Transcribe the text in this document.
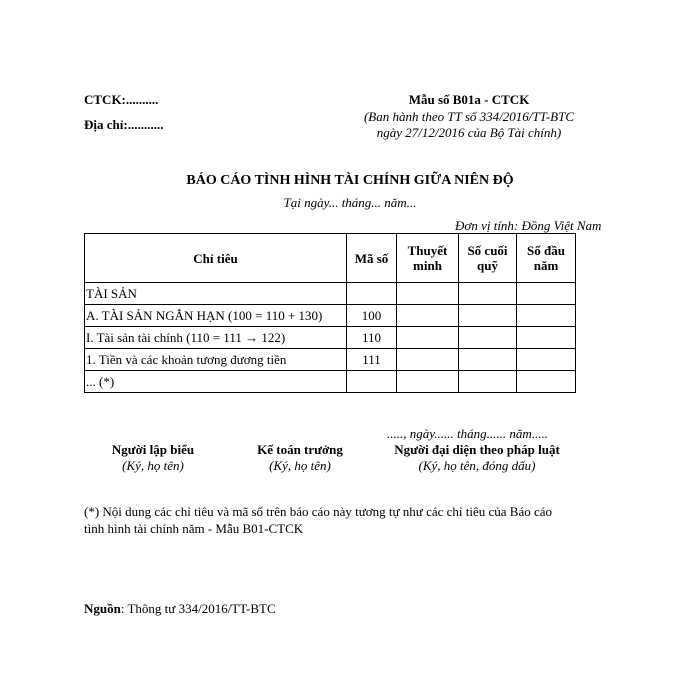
CTCK:..........
Địa chỉ:...........
Mẫu số B01a - CTCK
(Ban hành theo TT số 334/2016/TT-BTC
ngày 27/12/2016 của Bộ Tài chính)
BÁO CÁO TÌNH HÌNH TÀI CHÍNH GIỮA NIÊN ĐỘ
Tại ngày... tháng... năm...
Đơn vị tính: Đồng Việt Nam
Chỉ tiêu	Mã số	Thuyết minh	Số cuối quỹ	Số đầu năm
TÀI SẢN				
A. TÀI SẢN NGẮN HẠN (100 = 110 + 130)	100			
I. Tài sản tài chính (110 = 111 → 122)	110			
1. Tiền và các khoản tương đương tiền	111			
... (*)				
....., ngày...... tháng...... năm.....
Người lập biểu
(Ký, họ tên)
Kế toán trưởng
(Ký, họ tên)
Người đại diện theo pháp luật
(Ký, họ tên, đóng dấu)
(*) Nội dung các chỉ tiêu và mã số trên báo cáo này tương tự như các chỉ tiêu của Báo cáo
tình hình tài chính năm - Mẫu B01-CTCK
Nguồn: Thông tư 334/2016/TT-BTC
